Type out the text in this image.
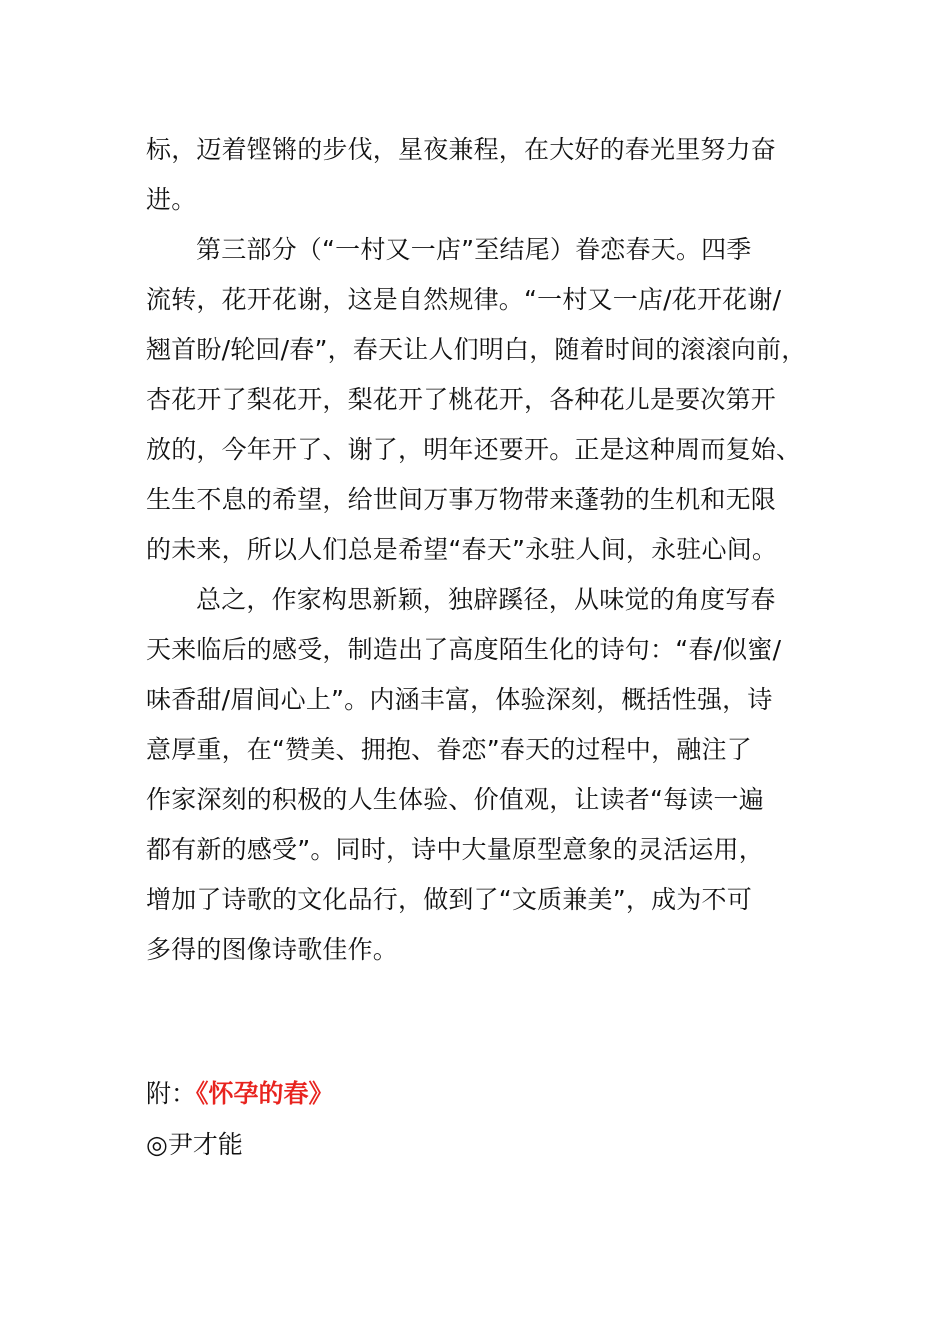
标，迈着铿锵的步伐，星夜兼程，在大好的春光里努力奋
进。
第三部分（“一村又一店”至结尾）眷恋春天。四季
流转，花开花谢，这是自然规律。“一村又一店/花开花谢/
翘首盼/轮回/春”，春天让人们明白，随着时间的滚滚向前，
杏花开了梨花开，梨花开了桃花开，各种花儿是要次第开
放的，今年开了、谢了，明年还要开。正是这种周而复始、
生生不息的希望，给世间万事万物带来蓬勃的生机和无限
的未来，所以人们总是希望“春天”永驻人间，永驻心间。
总之，作家构思新颖，独辟蹊径，从味觉的角度写春
天来临后的感受，制造出了高度陌生化的诗句：“春/似蜜/
味香甜/眉间心上”。内涵丰富，体验深刻，概括性强，诗
意厚重，在“赞美、拥抱、眷恋”春天的过程中，融注了
作家深刻的积极的人生体验、价值观，让读者“每读一遍
都有新的感受”。同时，诗中大量原型意象的灵活运用，
增加了诗歌的文化品行，做到了“文质兼美”，成为不可
多得的图像诗歌佳作。
附：《怀孕的春》
◎尹才能
